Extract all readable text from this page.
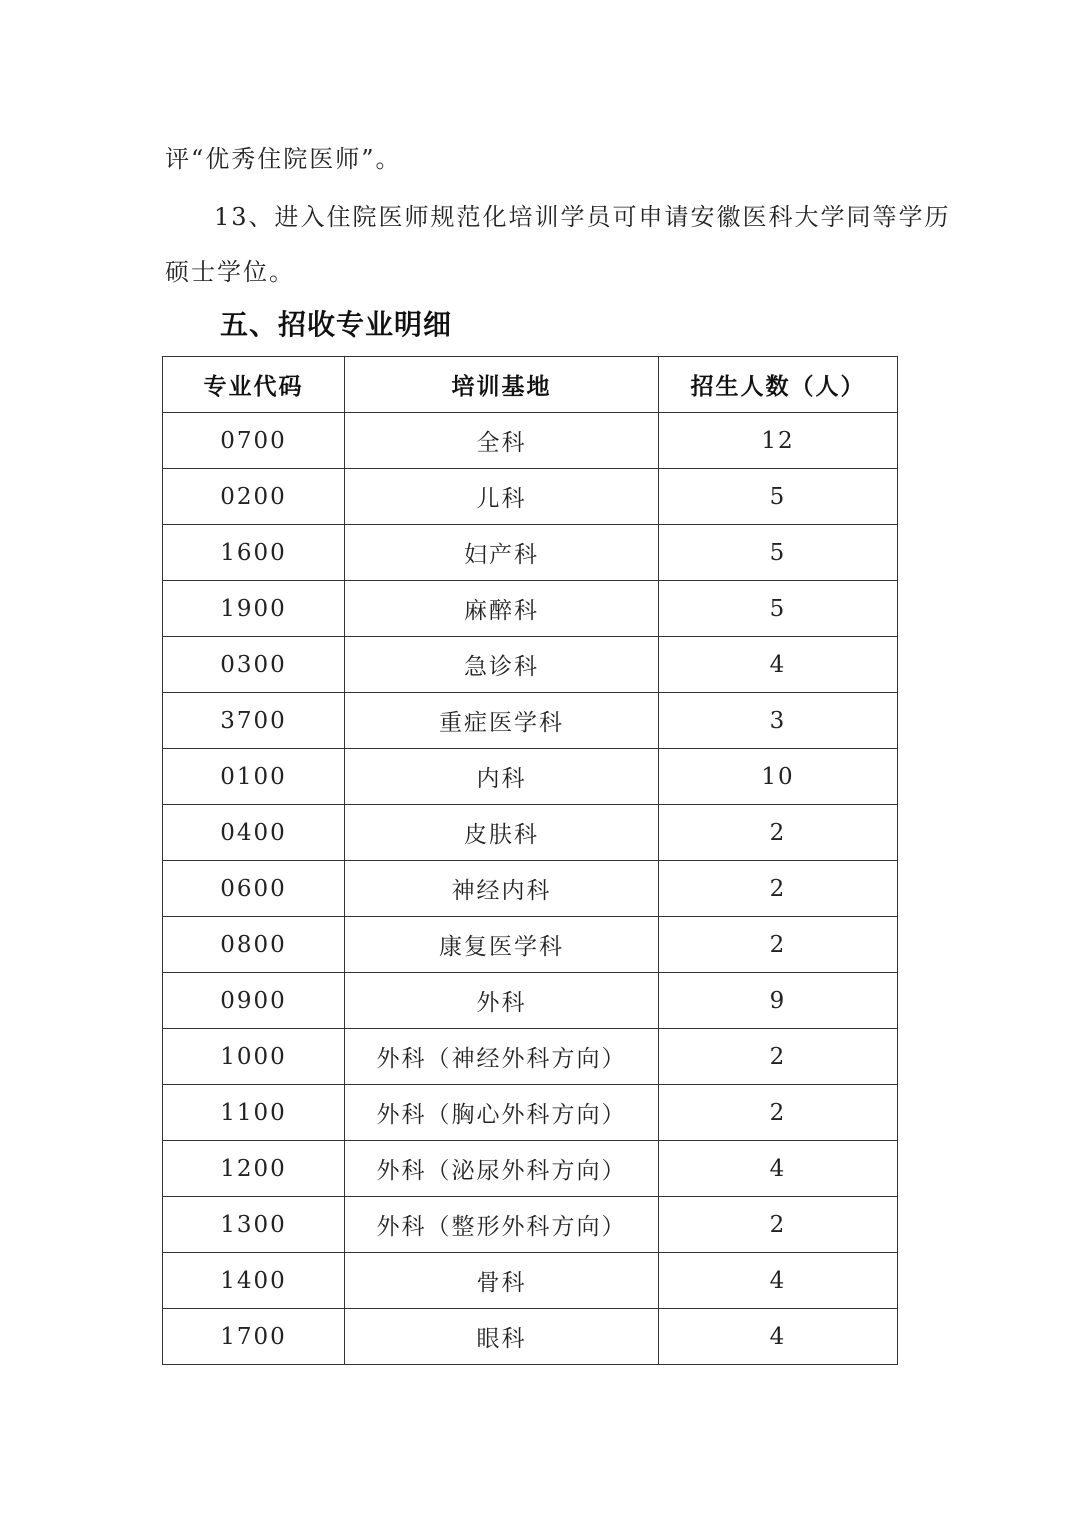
评“优秀住院医师”。
13、进入住院医师规范化培训学员可申请安徽医科大学同等学历
硕士学位。
五、招收专业明细
专业代码	培训基地	招生人数（人）
0700	全科	12
0200	儿科	5
1600	妇产科	5
1900	麻醉科	5
0300	急诊科	4
3700	重症医学科	3
0100	内科	10
0400	皮肤科	2
0600	神经内科	2
0800	康复医学科	2
0900	外科	9
1000	外科（神经外科方向）	2
1100	外科（胸心外科方向）	2
1200	外科（泌尿外科方向）	4
1300	外科（整形外科方向）	2
1400	骨科	4
1700	眼科	4
